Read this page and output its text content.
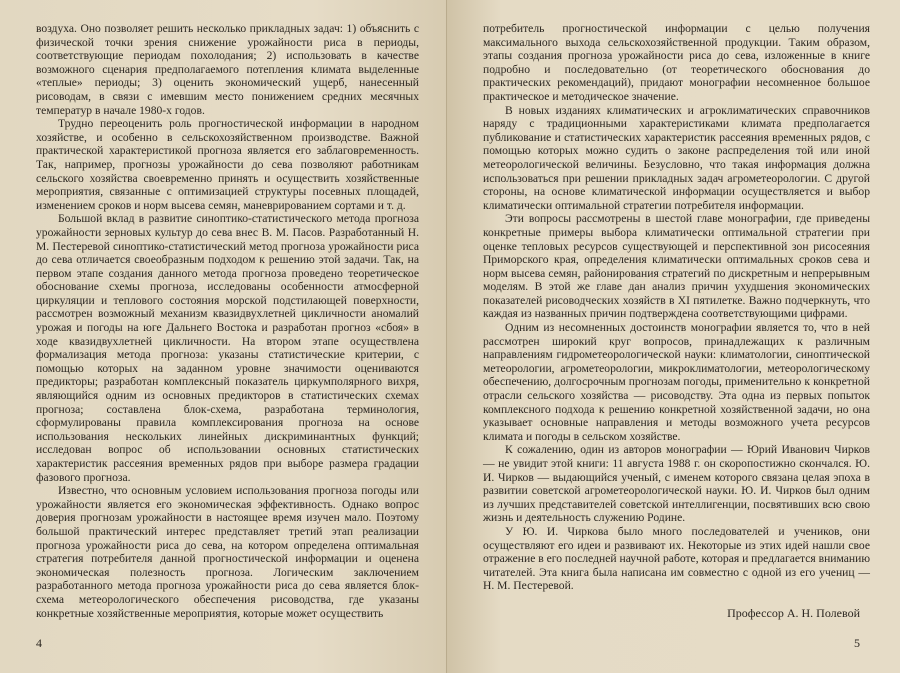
воздуха. Оно позволяет решить несколько прикладных задач: 1) объяснить с физической точки зрения снижение урожайности риса в периоды, соответствующие периодам похолодания; 2) использовать в качестве возможного сценария предполагаемого потепления климата выделенные «теплые» периоды; 3) оценить экономический ущерб, нанесенный рисоводам, в связи с имевшим место понижением средних месячных температур в начале 1980-х годов.

Трудно переоценить роль прогностической информации в народном хозяйстве, и особенно в сельскохозяйственном производстве. Важной практической характеристикой прогноза является его заблаговременность. Так, например, прогнозы урожайности до сева позволяют работникам сельского хозяйства своевременно принять и осуществить хозяйственные мероприятия, связанные с оптимизацией структуры посевных площадей, изменением сроков и норм высева семян, маневрированием сортами и т. д.

Большой вклад в развитие синоптико-статистического метода прогноза урожайности зерновых культур до сева внес В. М. Пасов. Разработанный Н. М. Пестеревой синоптико-статистический метод прогноза урожайности риса до сева отличается своеобразным подходом к решению этой задачи. Так, на первом этапе создания данного метода прогноза проведено теоретическое обоснование схемы прогноза, исследованы особенности атмосферной циркуляции и теплового состояния морской подстилающей поверхности, рассмотрен возможный механизм квазидвухлетней цикличности аномалий урожая и погоды на юге Дальнего Востока и разработан прогноз «сбоя» в ходе квазидвухлетней цикличности. На втором этапе осуществлена формализация метода прогноза: указаны статистические критерии, с помощью которых на заданном уровне значимости оцениваются предикторы; разработан комплексный показатель циркумполярного вихря, являющийся одним из основных предикторов в статистических схемах прогноза; составлена блок-схема, разработана терминология, сформулированы правила комплексирования прогноза на основе использования нескольких линейных дискриминантных функций; исследован вопрос об использовании основных статистических характеристик рассеяния временных рядов при выборе размера градации фазового прогноза.

Известно, что основным условием использования прогноза погоды или урожайности является его экономическая эффективность. Однако вопрос доверия прогнозам урожайности в настоящее время изучен мало. Поэтому большой практический интерес представляет третий этап реализации прогноза урожайности риса до сева, на котором определена оптимальная стратегия потребителя данной прогностической информации и оценена экономическая полезность прогноза. Логическим заключением разработанного метода прогноза урожайности риса до сева является блок-схема метеорологического обеспечения рисоводства, где указаны конкретные хозяйственные мероприятия, которые может осуществить

4

потребитель прогностической информации с целью получения максимального выхода сельскохозяйственной продукции. Таким образом, этапы создания прогноза урожайности риса до сева, изложенные в книге подробно и последовательно (от теоретического обоснования до практических рекомендаций), придают монографии несомненное большое практическое и методическое значение.

В новых изданиях климатических и агроклиматических справочников наряду с традиционными характеристиками климата предполагается публикование и статистических характеристик рассеяния временных рядов, с помощью которых можно судить о законе распределения той или иной метеорологической величины. Безусловно, что такая информация должна использоваться при решении прикладных задач агрометеорологии. С другой стороны, на основе климатической информации осуществляется и выбор климатически оптимальной стратегии потребителя информации.

Эти вопросы рассмотрены в шестой главе монографии, где приведены конкретные примеры выбора климатически оптимальной стратегии при оценке тепловых ресурсов существующей и перспективной зон рисосеяния Приморского края, определения климатически оптимальных сроков сева и норм высева семян, районирования стратегий по дискретным и непрерывным моделям. В этой же главе дан анализ причин ухудшения экономических показателей рисоводческих хозяйств в XI пятилетке. Важно подчеркнуть, что каждая из названных причин подтверждена соответствующими цифрами.

Одним из несомненных достоинств монографии является то, что в ней рассмотрен широкий круг вопросов, принадлежащих к различным направлениям гидрометеорологической науки: климатологии, синоптической метеорологии, агрометеорологии, микроклиматологии, метеорологическому обеспечению, долгосрочным прогнозам погоды, применительно к конкретной отрасли сельского хозяйства — рисоводству. Эта одна из первых попыток комплексного подхода к решению конкретной хозяйственной задачи, но она указывает основные направления и методы возможного учета ресурсов климата и погоды в сельском хозяйстве.

К сожалению, один из авторов монографии — Юрий Иванович Чирков — не увидит этой книги: 11 августа 1988 г. он скоропостижно скончался. Ю. И. Чирков — выдающийся ученый, с именем которого связана целая эпоха в развитии советской агрометеорологической науки. Ю. И. Чирков был одним из лучших представителей советской интеллигенции, посвятивших всю свою жизнь и деятельность служению Родине.

У Ю. И. Чиркова было много последователей и учеников, они осуществляют его идеи и развивают их. Некоторые из этих идей нашли свое отражение в его последней научной работе, которая и предлагается вниманию читателей. Эта книга была написана им совместно с одной из его учениц — Н. М. Пестеревой.

Профессор А. Н. Полевой
5
